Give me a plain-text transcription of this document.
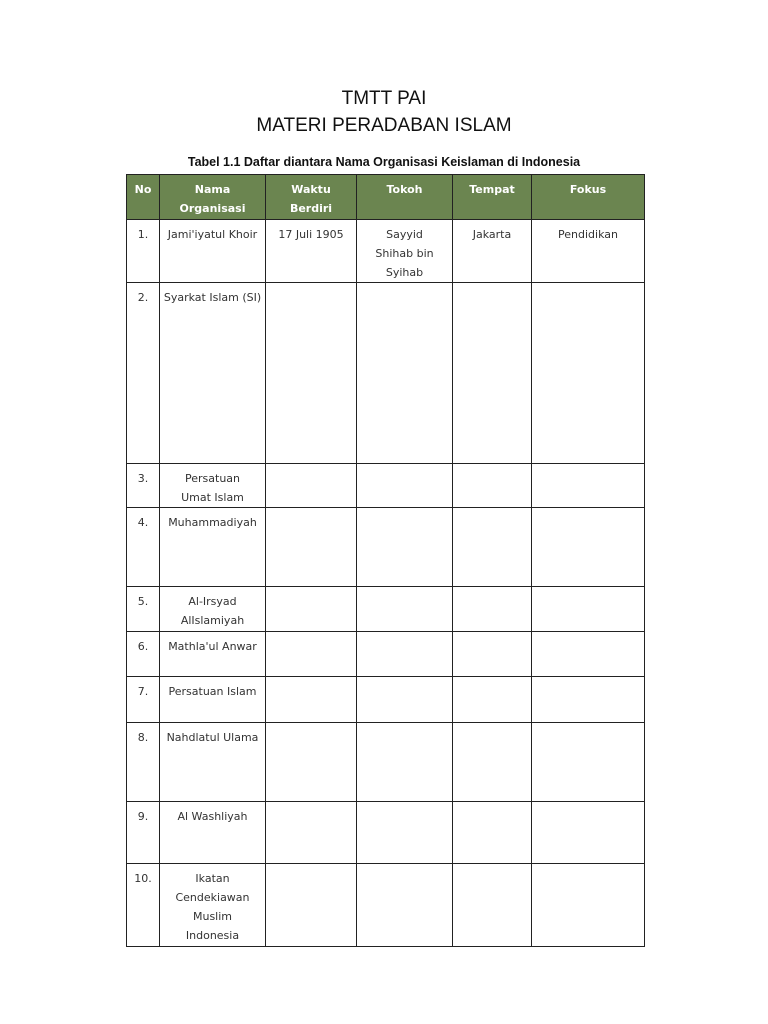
TMTT PAI
MATERI PERADABAN ISLAM
Tabel 1.1 Daftar diantara Nama Organisasi Keislaman di Indonesia
No	Nama Organisasi	Waktu Berdiri	Tokoh	Tempat	Fokus
1.	Jami'iyatul Khoir	17 Juli 1905	Sayyid Shihab bin Syihab	Jakarta	Pendidikan
2.	Syarkat Islam (SI)				
3.	Persatuan Umat Islam				
4.	Muhammadiyah				
5.	Al-Irsyad AlIslamiyah				
6.	Mathla'ul Anwar				
7.	Persatuan Islam				
8.	Nahdlatul Ulama				
9.	Al Washliyah				
10.	Ikatan Cendekiawan Muslim Indonesia				
